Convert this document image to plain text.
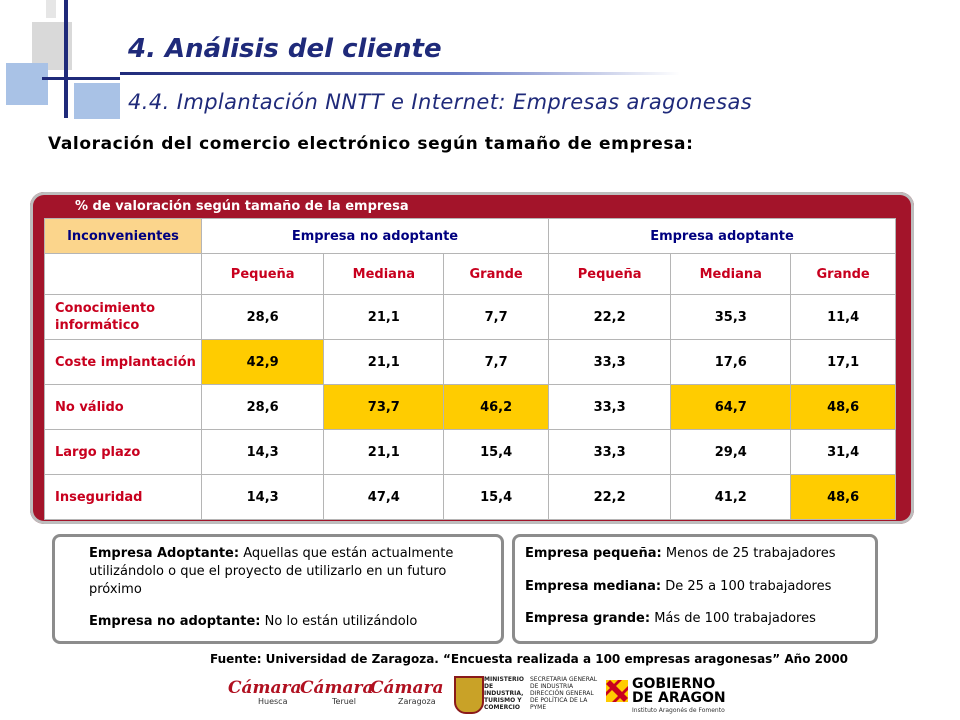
4. Análisis del cliente
4.4. Implantación NNTT e Internet: Empresas aragonesas
Valoración del comercio electrónico según tamaño de empresa:
% de valoración según tamaño de la empresa
Inconvenientes	Empresa no adoptante			Empresa adoptante		
	Pequeña	Mediana	Grande	Pequeña	Mediana	Grande
Conocimiento informático	28,6	21,1	7,7	22,2	35,3	11,4
Coste implantación	42,9	21,1	7,7	33,3	17,6	17,1
No válido	28,6	73,7	46,2	33,3	64,7	48,6
Largo plazo	14,3	21,1	15,4	33,3	29,4	31,4
Inseguridad	14,3	47,4	15,4	22,2	41,2	48,6

Empresa Adoptante: Aquellas que están actualmente utilizándolo o que el proyecto de utilizarlo en un futuro próximo

Empresa no adoptante: No lo están utilizándolo

Empresa pequeña: Menos de 25 trabajadores

Empresa mediana: De 25 a 100 trabajadores

Empresa grande: Más de 100 trabajadores

Fuente: Universidad de Zaragoza. “Encuesta realizada a 100 empresas aragonesas” Año 2000
Cámara
Huesca
Cámara
Teruel
Cámara
Zaragoza
MINISTERIO DE INDUSTRIA, TURISMO Y COMERCIO
SECRETARIA GENERAL DE INDUSTRIA DIRECCIÓN GENERAL DE POLÍTICA DE LA PYME
GOBIERNO
DE ARAGON
Instituto Aragonés de Fomento
